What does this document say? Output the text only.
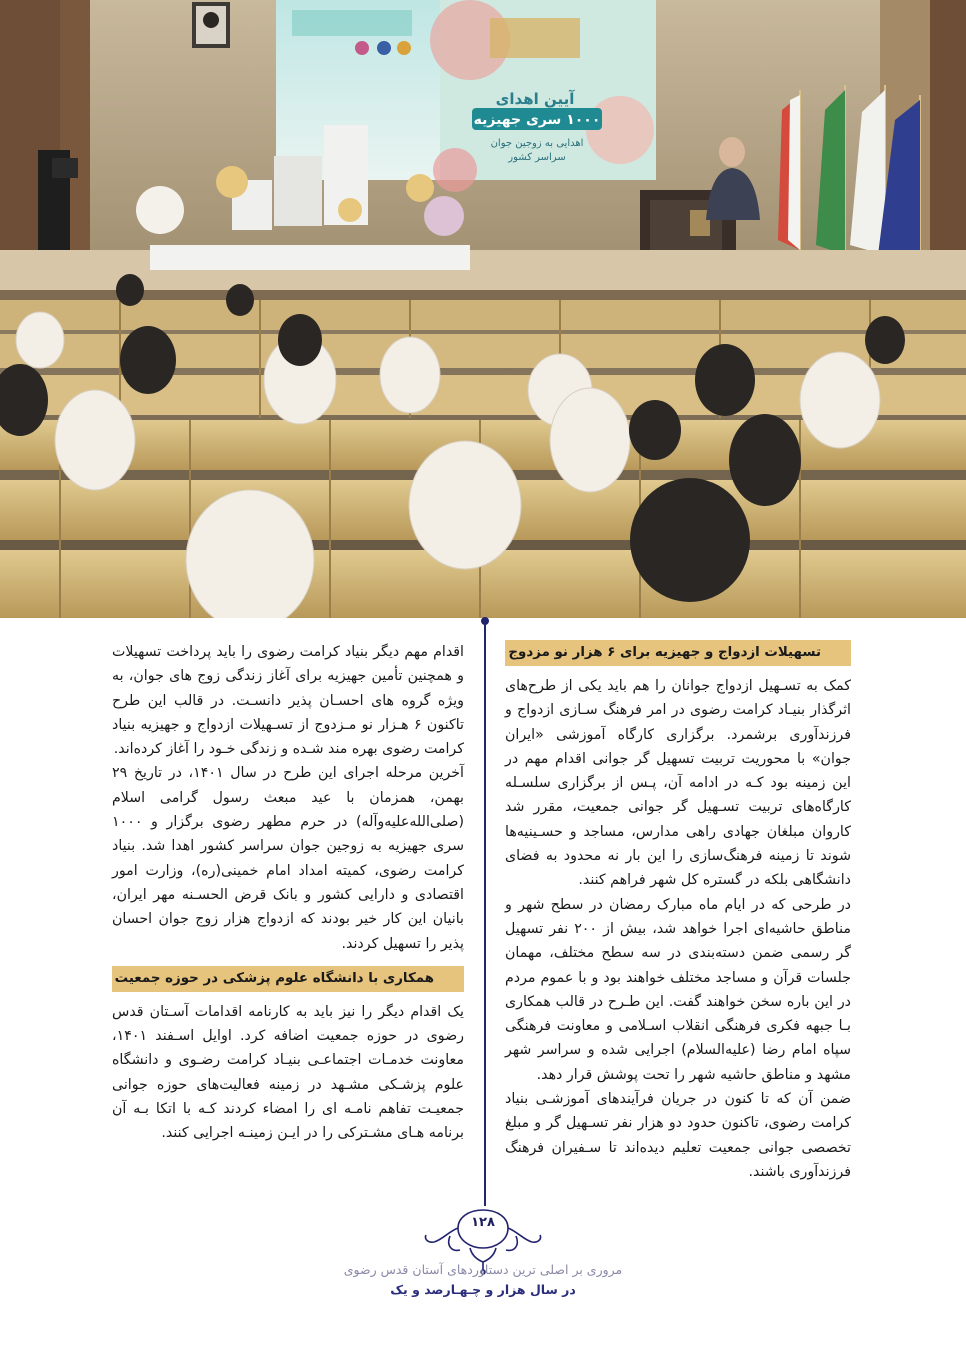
آیین اهدای
۱۰۰۰ سری جهیزیه
اهدایی به زوجین جوان
سراسر کشور
تسهیلات ازدواج و جهیزیه برای ۶ هزار نو مزدوج

کمک به تسـهیل ازدواج جوانان را هم باید یکی از طرح‌های اثرگذار بنیـاد کرامت رضوی در امر فرهنگ سـازی ازدواج و فرزندآوری برشمرد. برگزاری کارگاه آموزشی «ایران جوان» با محوریت تربیت تسهیل گر جوانی اقدام مهم در این زمینه بود کـه در ادامه آن، پـس از برگزاری سلسـله کارگاه‌های تربیت تسـهیل گر جوانی جمعیت، مقرر شد کاروان مبلغان جهادی راهی مدارس، مساجد و حسـینیه‌ها شوند تا زمینه فرهنگ‌سازی را این بار نه محدود به فضای دانشگاهی بلکه در گستره کل شهر فراهم کنند.

در طرحی که در ایام ماه مبارک رمضان در سطح شهر و مناطق حاشیه‌ای اجرا خواهد شد، بیش از ۲۰۰ نفر تسهیل گر رسمی ضمن دسته‌بندی در سه سطح مختلف، مهمان جلسات قرآن و مساجد مختلف خواهند بود و با عموم مردم در این باره سخن خواهند گفت. این طـرح در قالب همکاری بـا جبهه فکری فرهنگی انقلاب اسـلامی و معاونت فرهنگی سپاه امام رضا (علیه‌السلام) اجرایی شده و سراسر شهر مشهد و مناطق حاشیه شهر را تحت پوشش قرار دهد.

ضمن آن که تا کنون در جریان فرآیندهای آموزشـی بنیاد کرامت رضوی، تاکنون حدود دو هزار نفر تسـهیل گر و مبلغ تخصصی جوانی جمعیت تعلیم دیده‌اند تا سـفیران فرهنگ فرزندآوری باشند.

اقدام مهم دیگر بنیاد کرامت رضوی را باید پرداخت تسهیلات و همچنین تأمین جهیزیه برای آغاز زندگی زوج های جوان، به ویژه گروه های احسـان پذیر دانسـت. در قالب این طرح تاکنون ۶ هـزار نو مـزدوج از تسـهیلات ازدواج و جهیزیه بنیاد کرامت رضوی بهره مند شـده و زندگی خـود را آغاز کرده‌اند.

آخرین مرحله اجرای این طرح در سال ۱۴۰۱، در تاریخ ۲۹ بهمن، همزمان با عید مبعث رسول گرامی اسلام (صلی‌الله‌علیه‌وآله) در حرم مطهر رضوی برگزار و ۱۰۰۰ سری جهیزیه به زوجین جوان سراسر کشور اهدا شد. بنیاد کرامت رضوی، کمیته امداد امام خمینی(ره)، وزارت امور اقتصادی و دارایی کشور و بانک قرض الحسـنه مهر ایران، بانیان این کار خیر بودند که ازدواج هزار زوج جوان احسان پذیر را تسهیل کردند.

همکاری با دانشگاه علوم پزشکی در حوزه جمعیت

یک اقدام دیگر را نیز باید به کارنامه اقدامات آسـتان قدس رضوی در حوزه جمعیت اضافه کرد. اوایل اسـفند ۱۴۰۱، معاونت خدمـات اجتماعـی بنیـاد کرامت رضـوی و دانشگاه علوم پزشـکی مشـهد در زمینه فعالیت‌های حوزه جوانی جمعیـت تفاهم نامـه ای را امضاء کردند کـه با اتکا بـه آن برنامه هـای مشـترکی را در ایـن زمینـه اجرایی کنند.

۱۲۸
مروری بر اصلی ترین دستاوردهای آستان قدس رضوی
در سال هزار و چـهـارصد و یک
